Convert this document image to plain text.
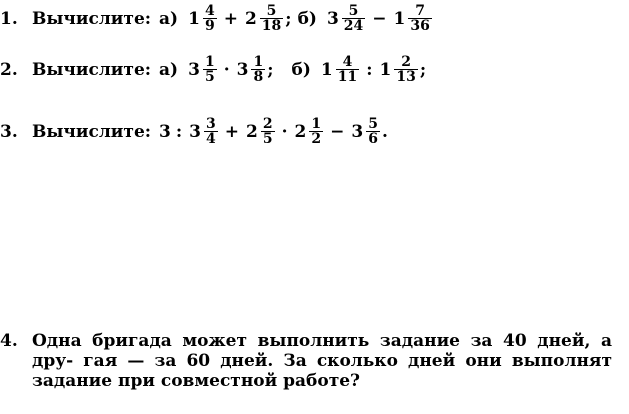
1. Вычислите: а) $1 \frac{4}{9} + 2 \frac{5}{18}$ ; б) $3 \frac{5}{24} - 1 \frac{7}{36}$
2. Вычислите: а) $3 \frac{1}{5} \cdot 3 \frac{1}{8}$ ; б) $1 \frac{4}{11}$ : $1 \frac{2}{13}$ ;
3. Вычислите: 3 : $3 \frac{3}{4} + 2 \frac{2}{5} \cdot 2 \frac{1}{2} - 3 \frac{5}{6}$ .
4. Одна бригада может выполнить задание за 40 дней, а дру- гая — за 60 дней. За сколько дней они выполнят задание при совместной работе?
